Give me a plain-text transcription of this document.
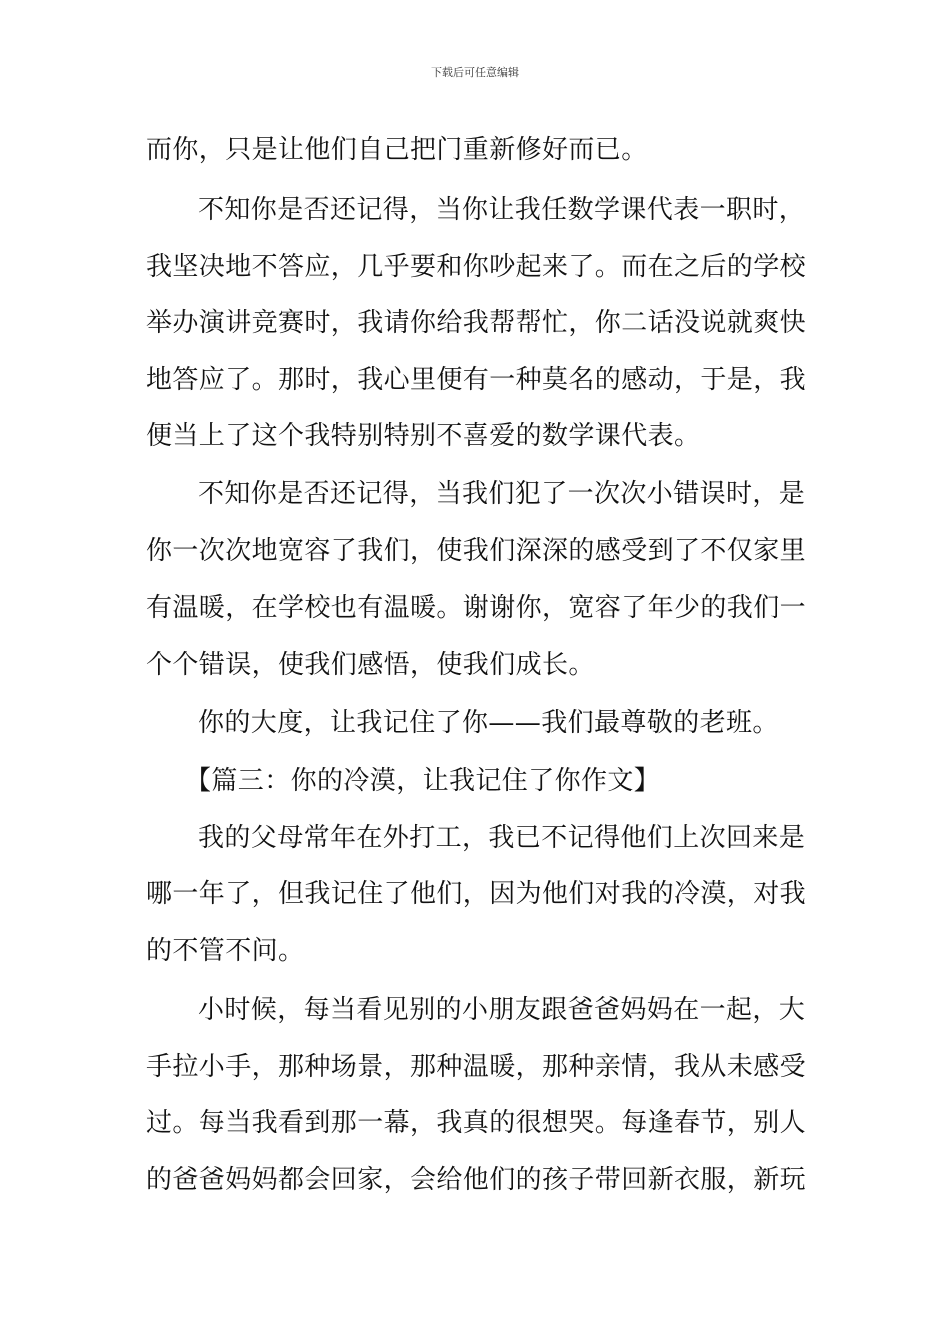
下载后可任意编辑
而你，只是让他们自己把门重新修好而已。
不知你是否还记得，当你让我任数学课代表一职时，
我坚决地不答应，几乎要和你吵起来了。而在之后的学校
举办演讲竞赛时，我请你给我帮帮忙，你二话没说就爽快
地答应了。那时，我心里便有一种莫名的感动，于是，我
便当上了这个我特别特别不喜爱的数学课代表。
不知你是否还记得，当我们犯了一次次小错误时，是
你一次次地宽容了我们，使我们深深的感受到了不仅家里
有温暖，在学校也有温暖。谢谢你，宽容了年少的我们一
个个错误，使我们感悟，使我们成长。
你的大度，让我记住了你——我们最尊敬的老班。
【篇三：你的冷漠，让我记住了你作文】
我的父母常年在外打工，我已不记得他们上次回来是
哪一年了，但我记住了他们，因为他们对我的冷漠，对我
的不管不问。
小时候，每当看见别的小朋友跟爸爸妈妈在一起，大
手拉小手，那种场景，那种温暖，那种亲情，我从未感受
过。每当我看到那一幕，我真的很想哭。每逢春节，别人
的爸爸妈妈都会回家，会给他们的孩子带回新衣服，新玩
